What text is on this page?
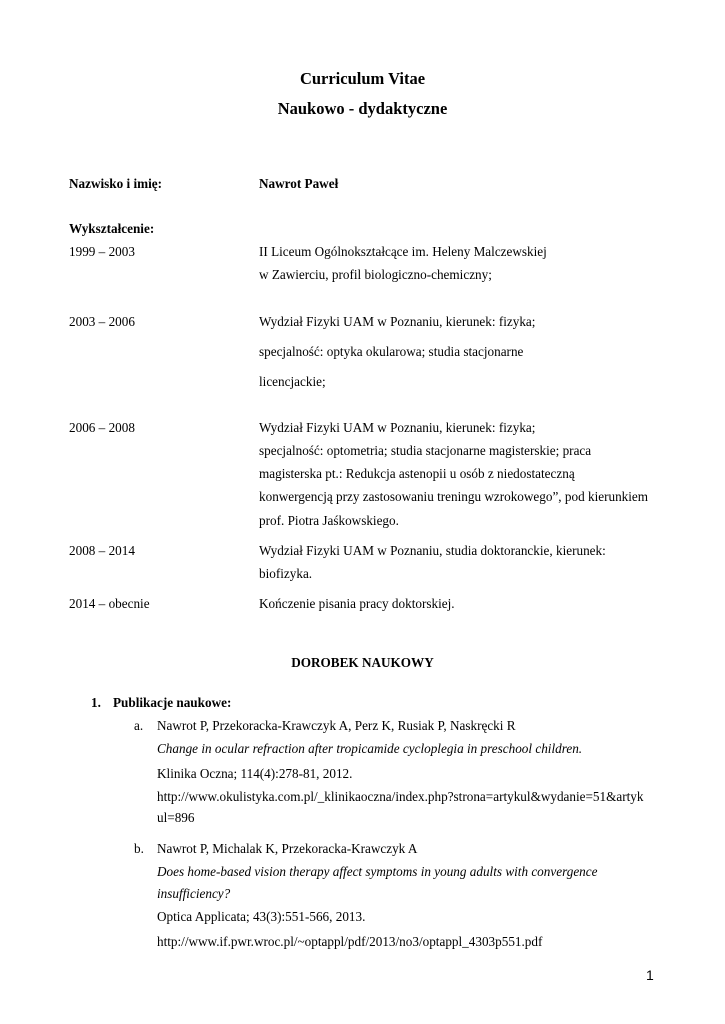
Curriculum Vitae
Naukowo - dydaktyczne
Nazwisko i imię:	Nawrot Paweł
Wykształcenie:
1999 – 2003	II Liceum Ogólnokształcące im. Heleny Malczewskiej
w Zawierciu, profil biologiczno-chemiczny;
2003 – 2006	Wydział Fizyki UAM w Poznaniu, kierunek: fizyka;
specjalność: optyka okularowa; studia stacjonarne
licencjackie;
2006 – 2008	Wydział Fizyki UAM w Poznaniu, kierunek: fizyka;
specjalność: optometria; studia stacjonarne magisterskie; praca
magisterska pt.: Redukcja astenopii u osób z niedostateczną
konwergencją przy zastosowaniu treningu wzrokowego”, pod kierunkiem
prof. Piotra Jaśkowskiego.
2008 – 2014	Wydział Fizyki UAM w Poznaniu, studia doktoranckie, kierunek:
biofizyka.
2014 – obecnie	Kończenie pisania pracy doktorskiej.
DOROBEK NAUKOWY
1. Publikacje naukowe:
a. Nawrot P, Przekoracka-Krawczyk A, Perz K, Rusiak P, Naskręcki R
Change in ocular refraction after tropicamide cycloplegia in preschool children.
Klinika Oczna; 114(4):278-81, 2012.
http://www.okulistyka.com.pl/_klinikaoczna/index.php?strona=artykul&wydanie=51&artyk
ul=896
b. Nawrot P, Michalak K, Przekoracka-Krawczyk A
Does home-based vision therapy affect symptoms in young adults with convergence
insufficiency?
Optica Applicata; 43(3):551-566, 2013.
http://www.if.pwr.wroc.pl/~optappl/pdf/2013/no3/optappl_4303p551.pdf
1
